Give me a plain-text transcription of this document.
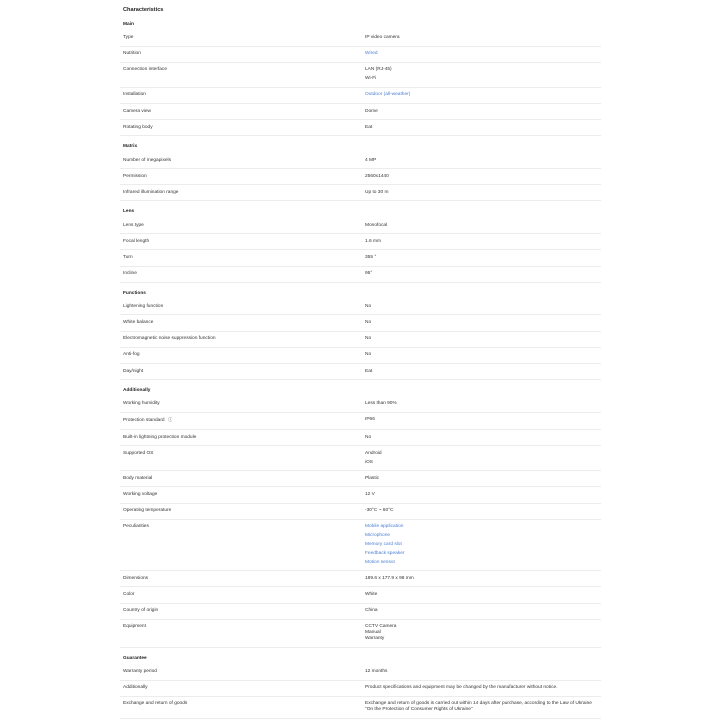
Characteristics
Main
Type	IP video camera
Nutrition	Wired
Connection interface	LAN (RJ-45)
Wi-Fi
Installation	Outdoor (all-weather)
Camera view	Dome
Rotating body	Eat
Matrix
Number of megapixels	4 MP
Permission	2560x1440
Infrared illumination range	Up to 30 m
Lens
Lens type	Monofocal
Focal length	1.6 mm
Turn	355 °
Incline	95°
Functions
Lightening function	No
White balance	No
Electromagnetic noise suppression function	No
Anti-fog	No
Day/night	Eat
Additionally
Working humidity	Less than 90%
Protection standard	IP66
Built-in lightning protection module	No
Supported OS	Android
iOS
Body material	Plastic
Working voltage	12 V
Operating temperature	-30°C ~ 60°C
Peculiarities	Mobile application
Microphone
Memory card slot
Feedback speaker
Motion sensor
Dimensions	189.6 x 177.9 x 98 mm
Color	White
Country of origin	China
Equipment	CCTV Camera
Manual
Warranty
Guarantee
Warranty period	12 months
Additionally	Product specifications and equipment may be changed by the manufacturer without notice.
Exchange and return of goods	Exchange and return of goods is carried out within 14 days after purchase, according to the Law of Ukraine "On the Protection of Consumer Rights of Ukraine"
